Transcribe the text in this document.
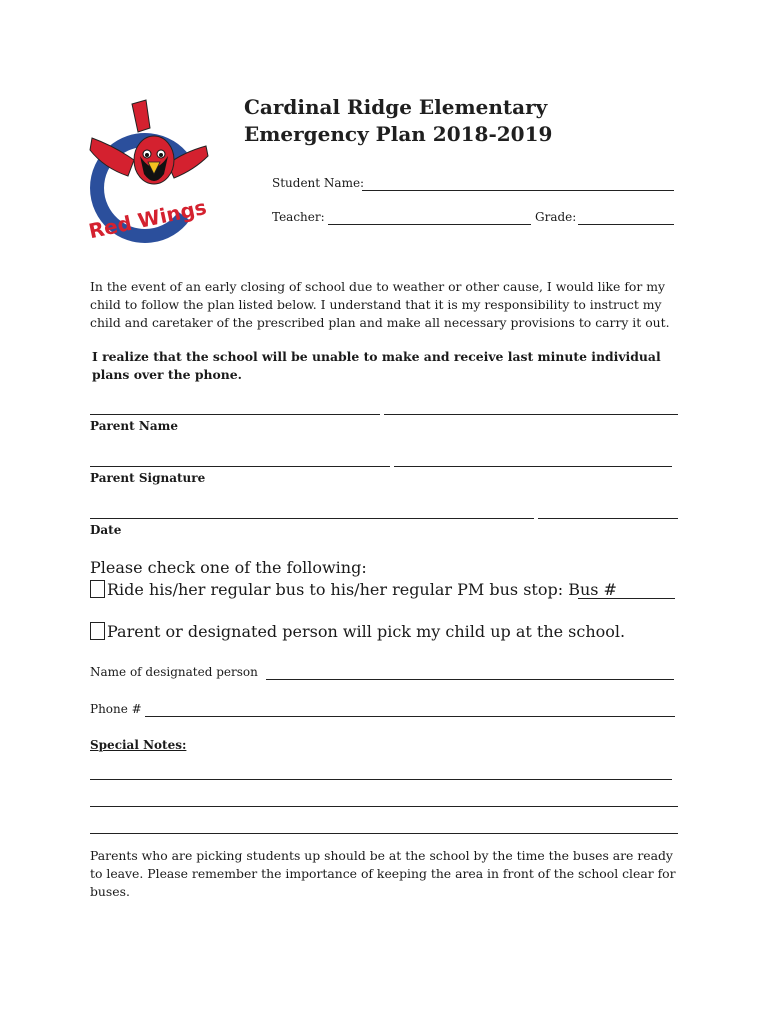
Red Wings
Cardinal Ridge Elementary
Emergency Plan 2018-2019
Student Name:
Teacher:	Grade:
In the event of an early closing of school due to weather or other cause, I would like for my child to follow the plan listed below. I understand that it is my responsibility to instruct my child and caretaker of the prescribed plan and make all necessary provisions to carry it out.
I realize that the school will be unable to make and receive last minute individual plans over the phone.
Parent Name
Parent Signature
Date
Please check one of the following:
Ride his/her regular bus to his/her regular PM bus stop: Bus #
Parent or designated person will pick my child up at the school.
Name of designated person
Phone #
Special Notes:
Parents who are picking students up should be at the school by the time the buses are ready to leave. Please remember the importance of keeping the area in front of the school clear for buses.
